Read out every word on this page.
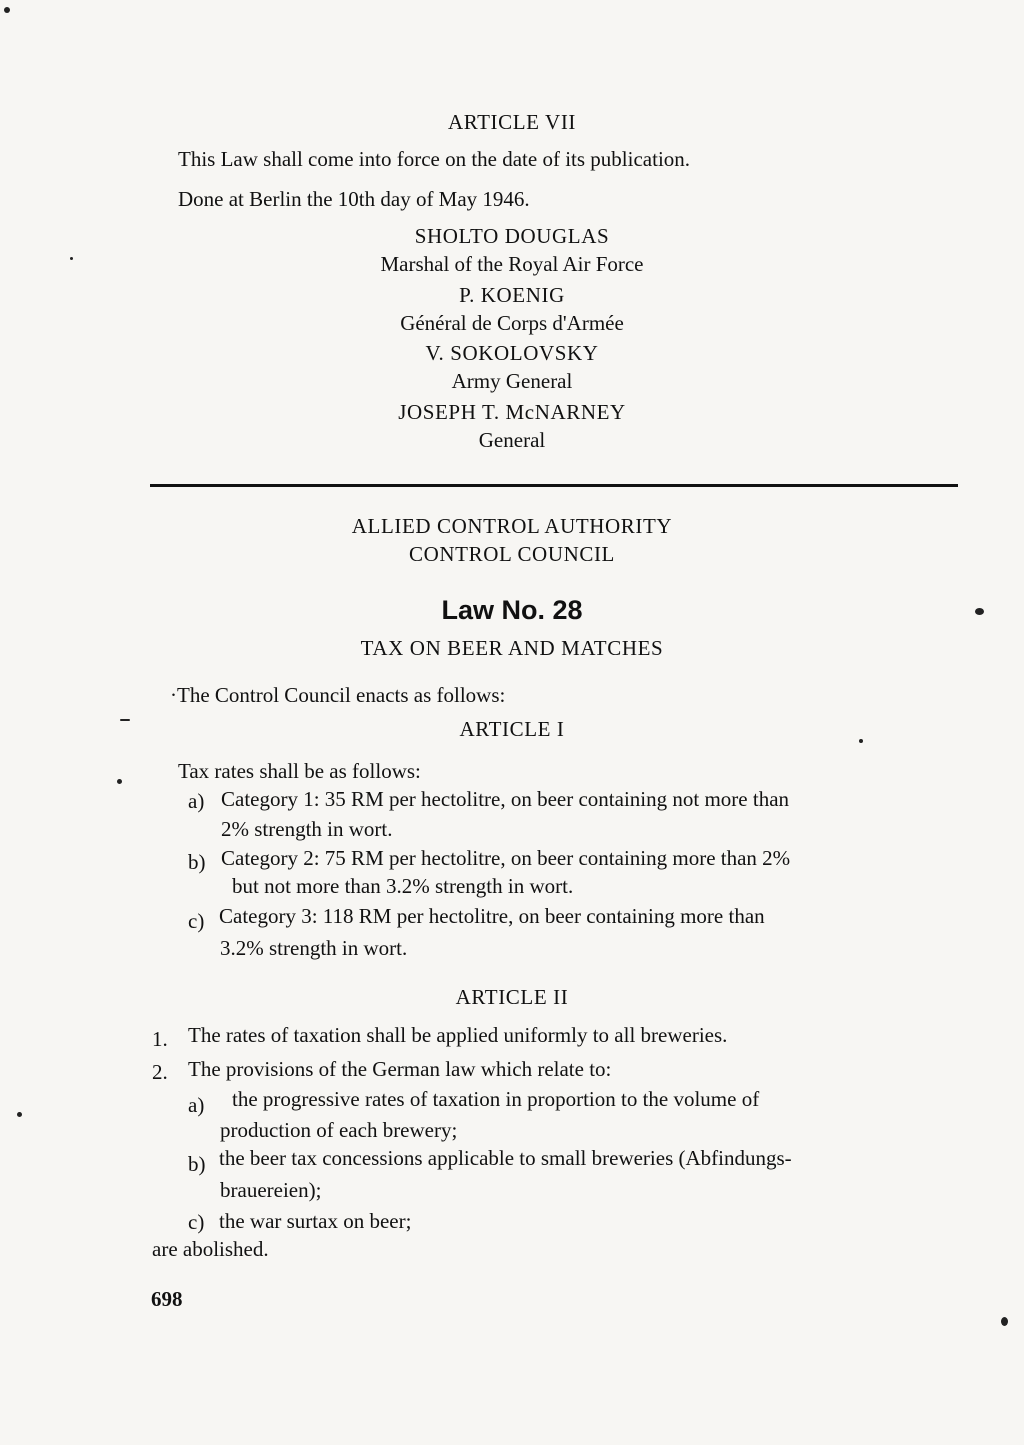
ARTICLE VII
This Law shall come into force on the date of its publication.
Done at Berlin the 10th day of May 1946.
SHOLTO DOUGLAS
Marshal of the Royal Air Force
P. KOENIG
Général de Corps d'Armée
V. SOKOLOVSKY
Army General
JOSEPH T. McNARNEY
General
ALLIED CONTROL AUTHORITY
CONTROL COUNCIL
Law No. 28
TAX ON BEER AND MATCHES
·The Control Council enacts as follows:
ARTICLE I
Tax rates shall be as follows:
a) Category 1: 35 RM per hectolitre, on beer containing not more than
2% strength in wort.
b) Category 2: 75 RM per hectolitre, on beer containing more than 2%
but not more than 3.2% strength in wort.
c) Category 3: 118 RM per hectolitre, on beer containing more than
3.2% strength in wort.
ARTICLE II
1. The rates of taxation shall be applied uniformly to all breweries.
2. The provisions of the German law which relate to:
a) the progressive rates of taxation in proportion to the volume of
production of each brewery;
b) the beer tax concessions applicable to small breweries (Abfindungs-
brauereien);
c) the war surtax on beer;
are abolished.
698
